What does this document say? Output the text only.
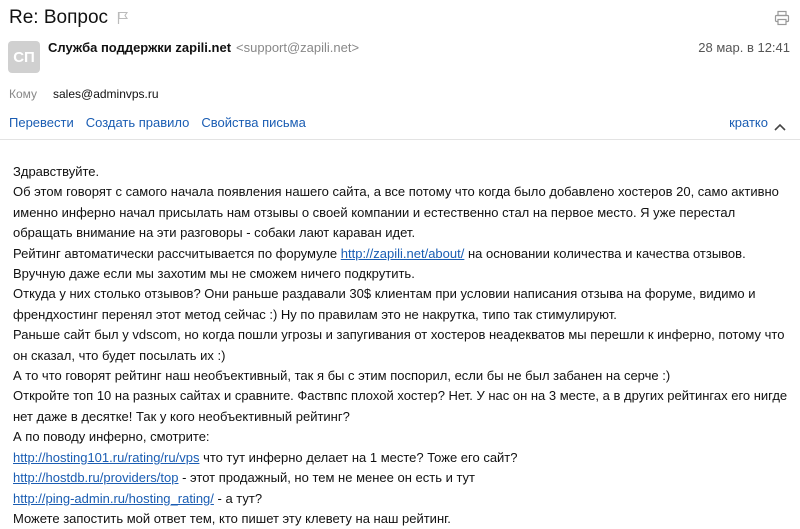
Re: Вопрос
СП
Служба поддержки zapili.net <support@zapili.net>	28 мар. в 12:41
Кому	sales@adminvps.ru
Перевести Создать правило Свойства письма	кратко

Здравствуйте.

Об этом говорят с самого начала появления нашего сайта, а все потому что когда было добавлено хостеров 20, само активно именно инферно начал присылать нам отзывы о своей компании и естественно стал на первое место. Я уже перестал обращать внимание на эти разговоры - собаки лают караван идет.

Рейтинг автоматически рассчитывается по форумуле http://zapili.net/about/ на основании количества и качества отзывов. Вручную даже если мы захотим мы не сможем ничего подкрутить.

Откуда у них столько отзывов? Они раньше раздавали 30$ клиентам при условии написания отзыва на форуме, видимо и френдхостинг перенял этот метод сейчас :) Ну по правилам это не накрутка, типо так стимулируют.

Раньше сайт был у vdscom, но когда пошли угрозы и запугивания от хостеров неадекватов мы перешли к инферно, потому что он сказал, что будет посылать их :)

А то что говорят рейтинг наш необъективный, так я бы с этим поспорил, если бы не был забанен на серче :)

Откройте топ 10 на разных сайтах и сравните. Фаствпс плохой хостер? Нет. У нас он на 3 месте, а в других рейтингах его нигде нет даже в десятке! Так у кого необъективный рейтинг?

А по поводу инферно, смотрите:

http://hosting101.ru/rating/ru/vps что тут инферно делает на 1 месте? Тоже его сайт?

http://hostdb.ru/providers/top - этот продажный, но тем не менее он есть и тут

http://ping-admin.ru/hosting_rating/ - а тут?

Можете запостить мой ответ тем, кто пишет эту клевету на наш рейтинг.
